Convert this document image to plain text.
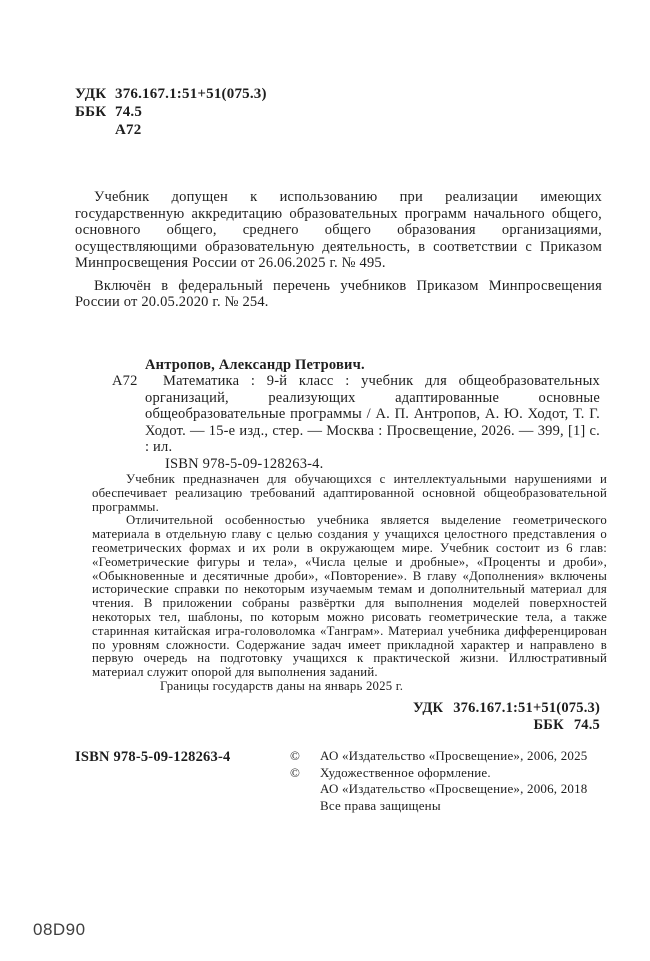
УДК 376.167.1:51+51(075.3)
ББК 74.5
А72

Учебник допущен к использованию при реализации имеющих государственную аккредитацию образовательных программ начального общего, основного общего, среднего общего образования организациями, осуществляющими образовательную деятельность, в соответствии с Приказом Минпросвещения России от 26.06.2025 г. № 495.

Включён в федеральный перечень учебников Приказом Минпросвещения России от 20.05.2020 г. № 254.

Антропов, Александр Петрович.

А72	Математика : 9-й класс : учебник для общеобразовательных организаций, реализующих адаптированные основные общеобразовательные программы / А. П. Антропов, А. Ю. Ходот, Т. Г. Ходот. — 15-е изд., стер. — Москва : Просвещение, 2026. — 399, [1] с. : ил.

ISBN 978-5-09-128263-4.

Учебник предназначен для обучающихся с интеллектуальными нарушениями и обеспечивает реализацию требований адаптированной основной общеобразовательной программы.

Отличительной особенностью учебника является выделение геометрического материала в отдельную главу с целью создания у учащихся целостного представления о геометрических формах и их роли в окружающем мире. Учебник состоит из 6 глав: «Геометрические фигуры и тела», «Числа целые и дробные», «Проценты и дроби», «Обыкновенные и десятичные дроби», «Повторение». В главу «Дополнения» включены исторические справки по некоторым изучаемым темам и дополнительный материал для чтения. В приложении собраны развёртки для выполнения моделей поверхностей некоторых тел, шаблоны, по которым можно рисовать геометрические тела, а также старинная китайская игра-головоломка «Танграм». Материал учебника дифференцирован по уровням сложности. Содержание задач имеет прикладной характер и направлено в первую очередь на подготовку учащихся к практической жизни. Иллюстративный материал служит опорой для выполнения заданий.

Границы государств даны на январь 2025 г.

УДК 376.167.1:51+51(075.3)
ББК 74.5
ISBN 978-5-09-128263-4	©	АО «Издательство «Просвещение», 2006, 2025
©	Художественное оформление.
АО «Издательство «Просвещение», 2006, 2018
Все права защищены
08D90
